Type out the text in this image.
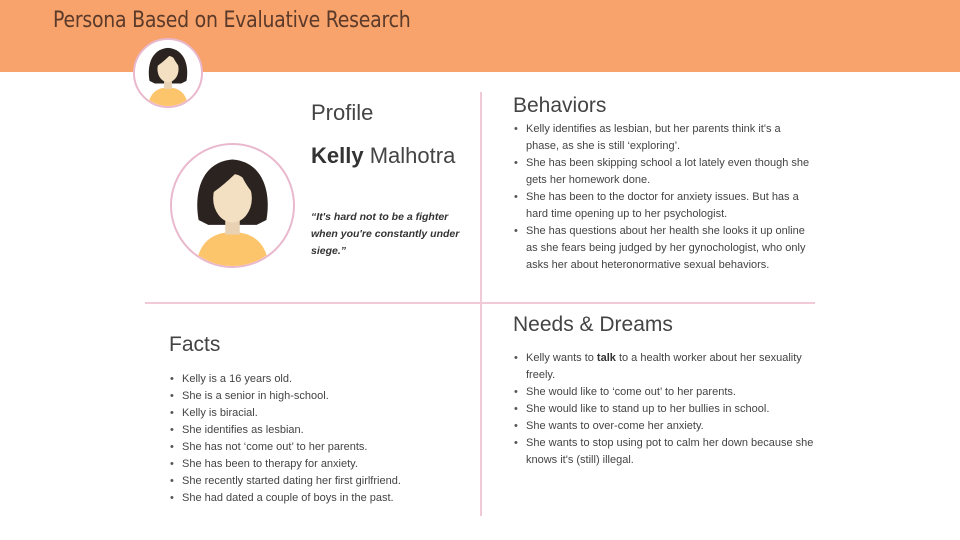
Persona Based on Evaluative Research
Profile
Kelly Malhotra
“It's hard not to be a fighter when you're constantly under siege.”
Behaviors
• Kelly identifies as lesbian, but her parents think it's a phase, as she is still ‘exploring’.
• She has been skipping school a lot lately even though she gets her homework done.
• She has been to the doctor for anxiety issues. But has a hard time opening up to her psychologist.
• She has questions about her health she looks it up online as she fears being judged by her gynochologist, who only asks her about heteronormative sexual behaviors.
Facts
• Kelly is a 16 years old.
• She is a senior in high-school.
• Kelly is biracial.
• She identifies as lesbian.
• She has not ‘come out’ to her parents.
• She has been to therapy for anxiety.
• She recently started dating her first girlfriend.
• She had dated a couple of boys in the past.
Needs & Dreams
• Kelly wants to talk to a health worker about her sexuality freely.
• She would like to ‘come out’ to her parents.
• She would like to stand up to her bullies in school.
• She wants to over-come her anxiety.
• She wants to stop using pot to calm her down because she knows it's (still) illegal.
